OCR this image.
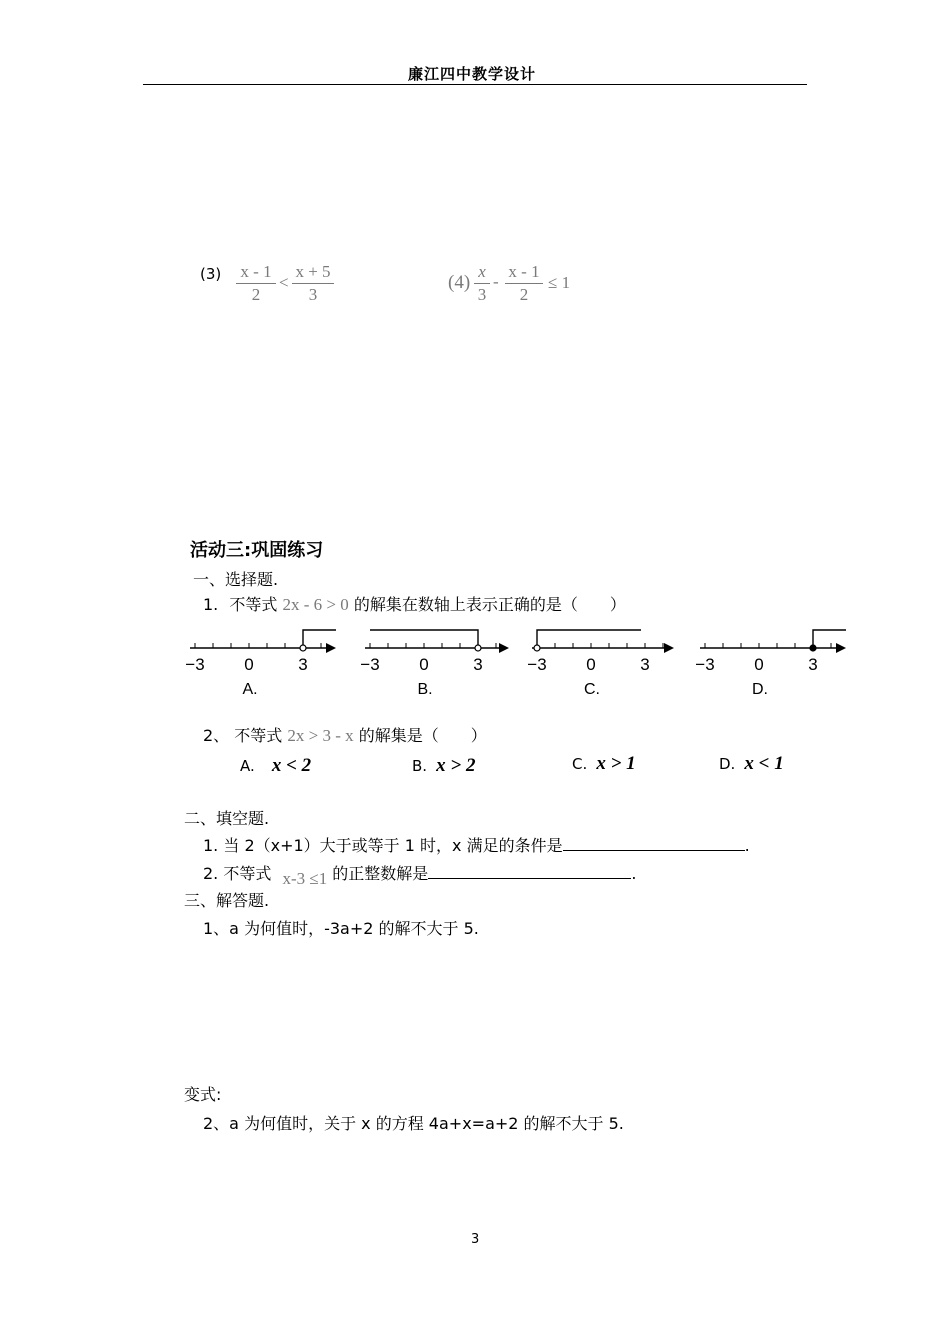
廉江四中教学设计
(3) x - 1
2
<
x + 5
3
(4)
x
3
-
x - 1
2
≤ 1
活动三:巩固练习
一、选择题.
1. 不等式 2x - 6 > 0 的解集在数轴上表示正确的是（　　）
−3 0	3
A.
−3 0	3
B.
−3 0	3
C.
−3 0	3
D.
2、 不等式 2x > 3 - x 的解集是（　　）
A. x < 2	B. x > 2	C. x > 1	D. x < 1
二、填空题.
1. 当 2（x+1）大于或等于 1 时，x 满足的条件是	.
2. 不等式 x-3 ≤1 的正整数解是	.
三、解答题.
1、a 为何值时，-3a+2 的解不大于 5.
变式:
2、a 为何值时，关于 x 的方程 4a+x=a+2 的解不大于 5.
3
